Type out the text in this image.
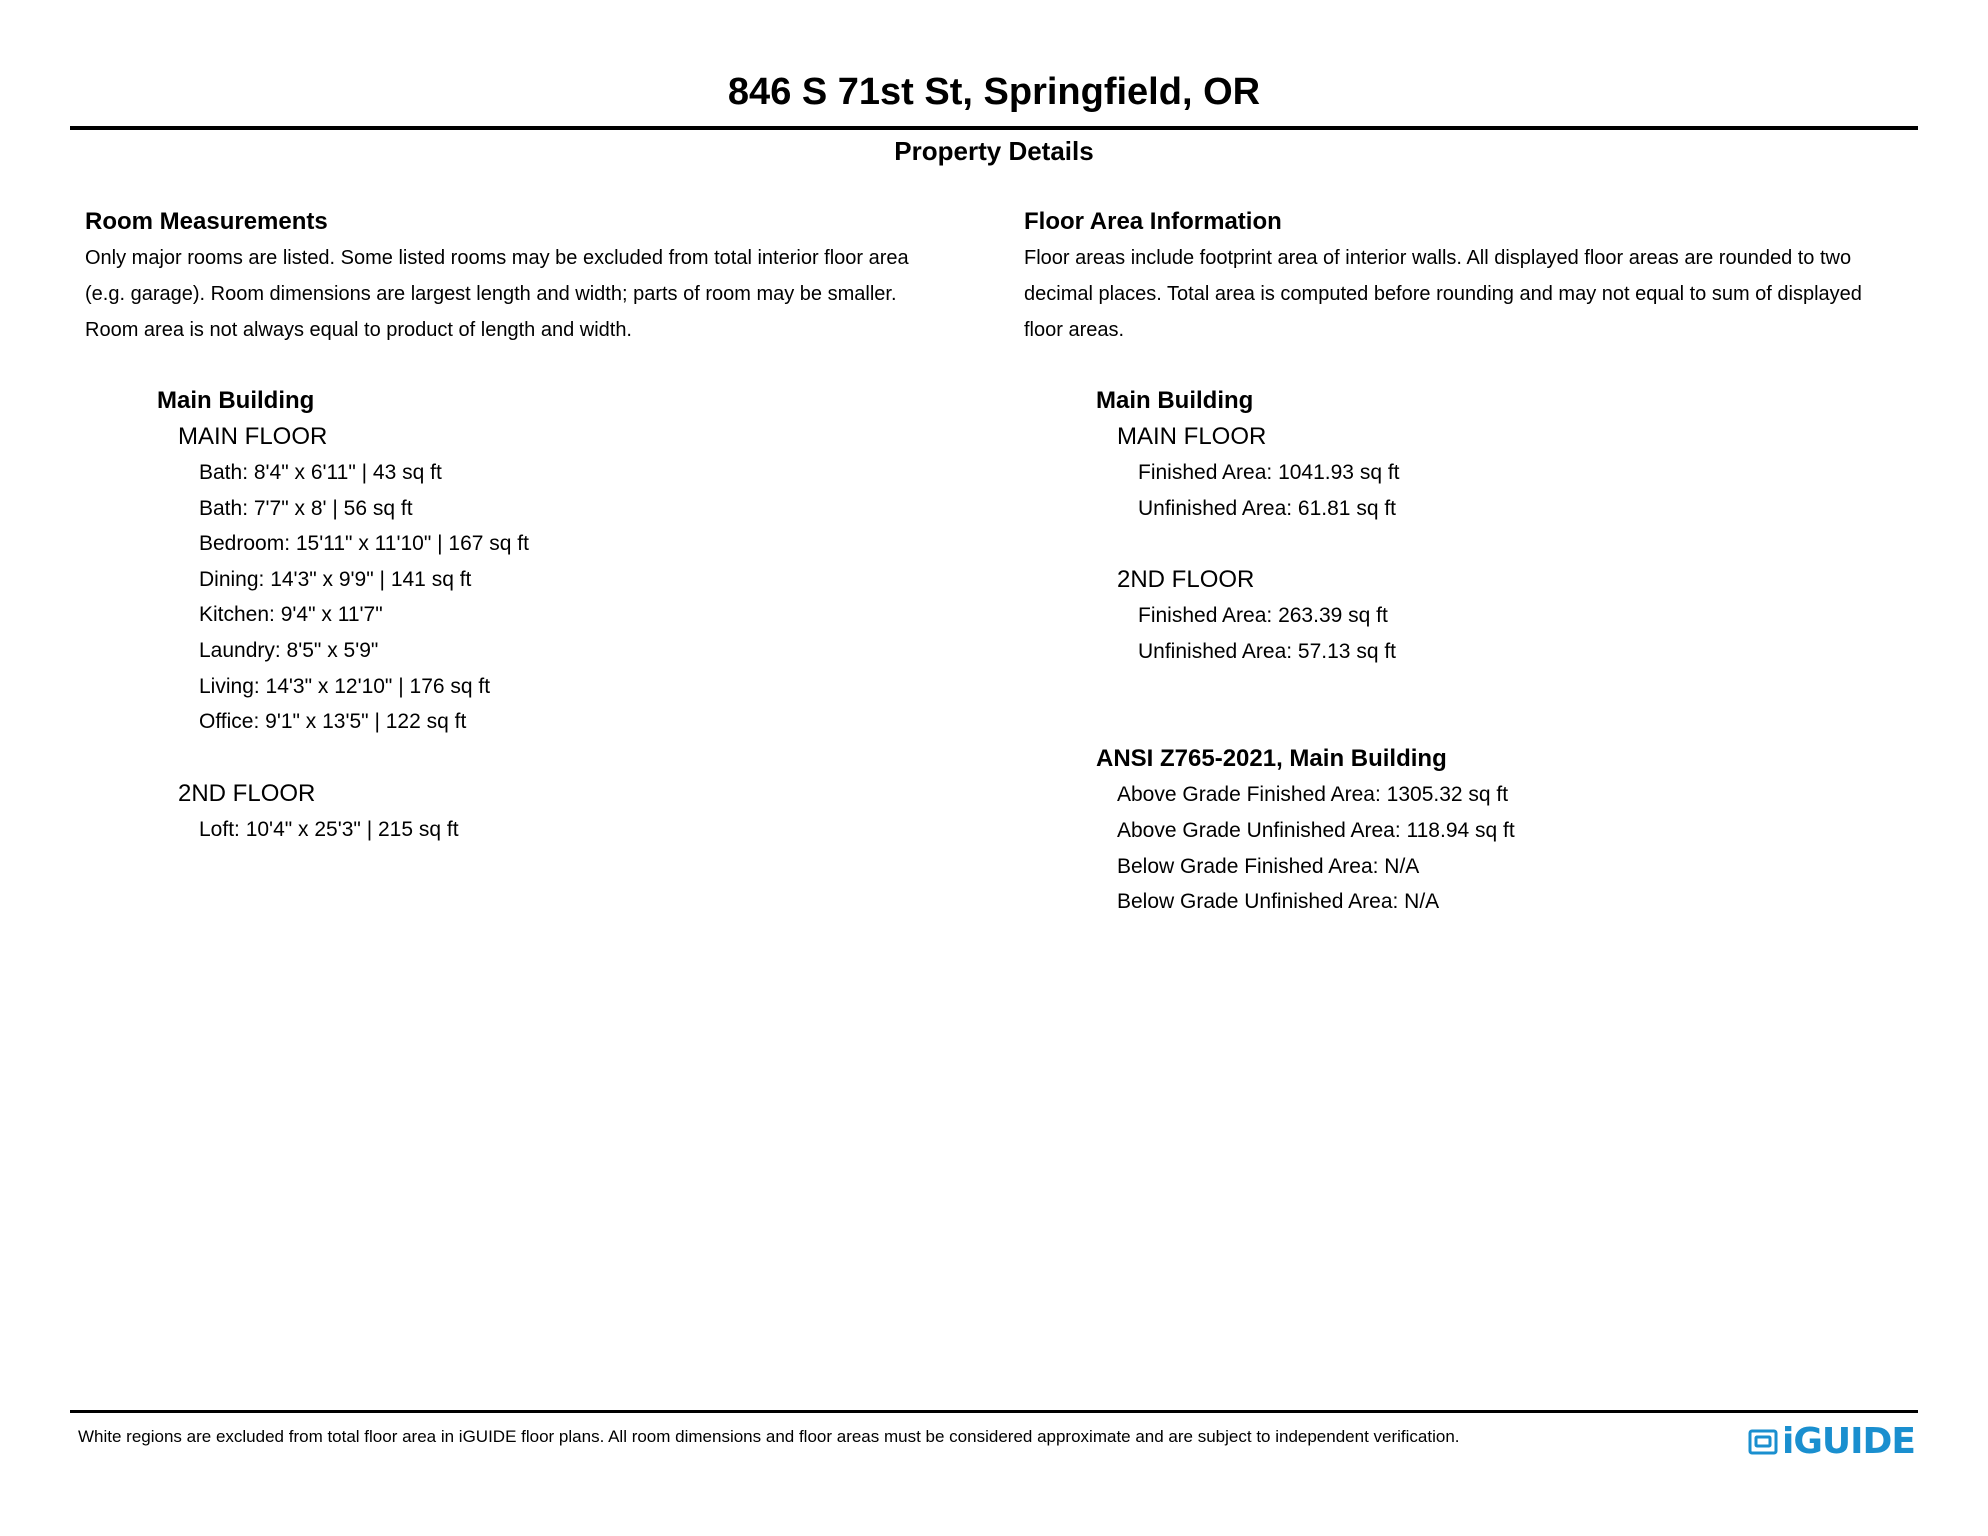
846 S 71st St, Springfield, OR
Property Details
Room Measurements
Only major rooms are listed. Some listed rooms may be excluded from total interior floor area
(e.g. garage). Room dimensions are largest length and width; parts of room may be smaller.
Room area is not always equal to product of length and width.
Main Building
MAIN FLOOR
Bath: 8'4" x 6'11" | 43 sq ft
Bath: 7'7" x 8' | 56 sq ft
Bedroom: 15'11" x 11'10" | 167 sq ft
Dining: 14'3" x 9'9" | 141 sq ft
Kitchen: 9'4" x 11'7"
Laundry: 8'5" x 5'9"
Living: 14'3" x 12'10" | 176 sq ft
Office: 9'1" x 13'5" | 122 sq ft
2ND FLOOR
Loft: 10'4" x 25'3" | 215 sq ft
Floor Area Information
Floor areas include footprint area of interior walls. All displayed floor areas are rounded to two
decimal places. Total area is computed before rounding and may not equal to sum of displayed
floor areas.
Main Building
MAIN FLOOR
Finished Area: 1041.93 sq ft
Unfinished Area: 61.81 sq ft
2ND FLOOR
Finished Area: 263.39 sq ft
Unfinished Area: 57.13 sq ft
ANSI Z765-2021, Main Building
Above Grade Finished Area: 1305.32 sq ft
Above Grade Unfinished Area: 118.94 sq ft
Below Grade Finished Area: N/A
Below Grade Unfinished Area: N/A
White regions are excluded from total floor area in iGUIDE floor plans. All room dimensions and floor areas must be considered approximate and are subject to independent verification.	iGUIDE
